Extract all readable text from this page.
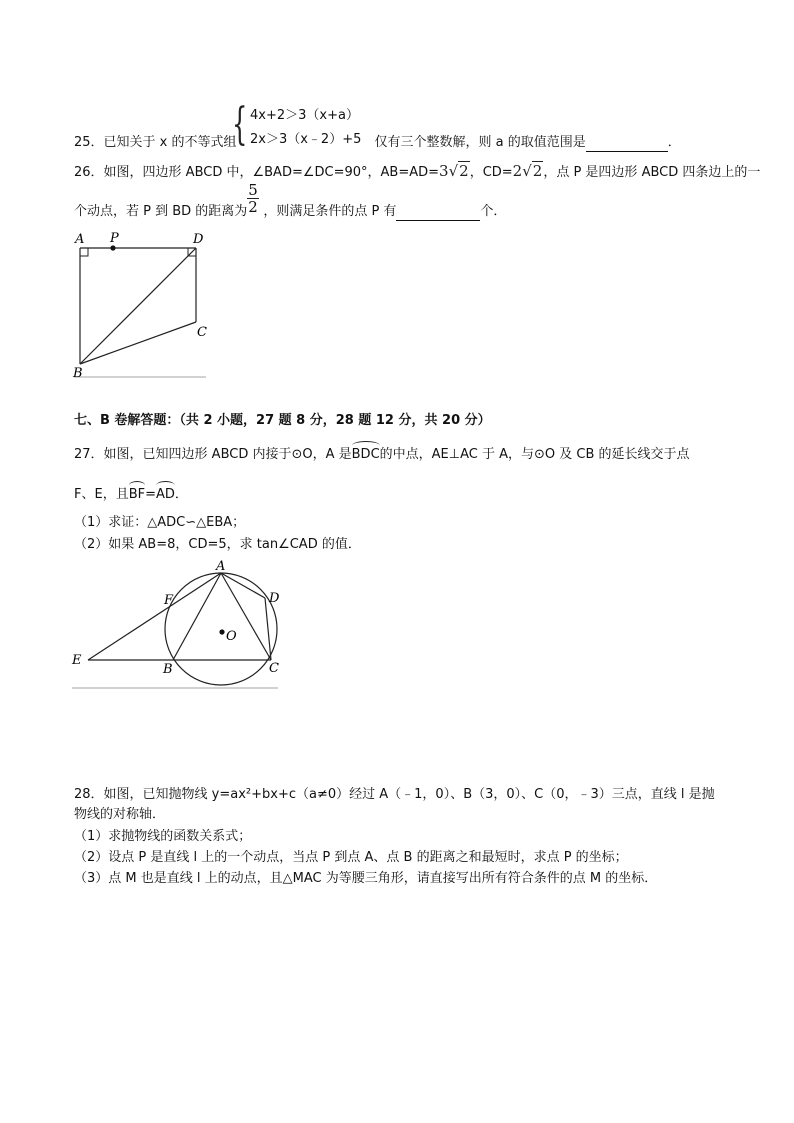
{ 4x+2＞3（x+a）
2x＞3（x﹣2）+5
25．已知关于 x 的不等式组	仅有三个整数解，则 a 的取值范围是	．
26．如图，四边形 ABCD 中，∠BAD=∠DC=90°，AB=AD=3√2，CD=2√2，点 P 是四边形 ABCD 四条边上的一
$\frac{5}{2}$
个动点，若 P 到 BD 的距离为 ，则满足条件的点 P 有	个．
A P	D
C
B
七、B 卷解答题：（共 2 小题，27 题 8 分，28 题 12 分，共 20 分）
27．如图，已知四边形 ABCD 内接于⊙O，A 是BDC的中点，AE⊥AC 于 A，与⊙O 及 CB 的延长线交于点
F、E，且BF=AD．
（1）求证：△ADC∽△EBA；
（2）如果 AB=8，CD=5，求 tan∠CAD 的值．
A
D
F
O
E
B	C
28．如图，已知抛物线 y=ax²+bx+c（a≠0）经过 A（﹣1，0）、B（3，0）、C（0，﹣3）三点，直线 l 是抛
物线的对称轴．
（1）求抛物线的函数关系式；
（2）设点 P 是直线 l 上的一个动点，当点 P 到点 A、点 B 的距离之和最短时，求点 P 的坐标；
（3）点 M 也是直线 l 上的动点，且△MAC 为等腰三角形，请直接写出所有符合条件的点 M 的坐标．
